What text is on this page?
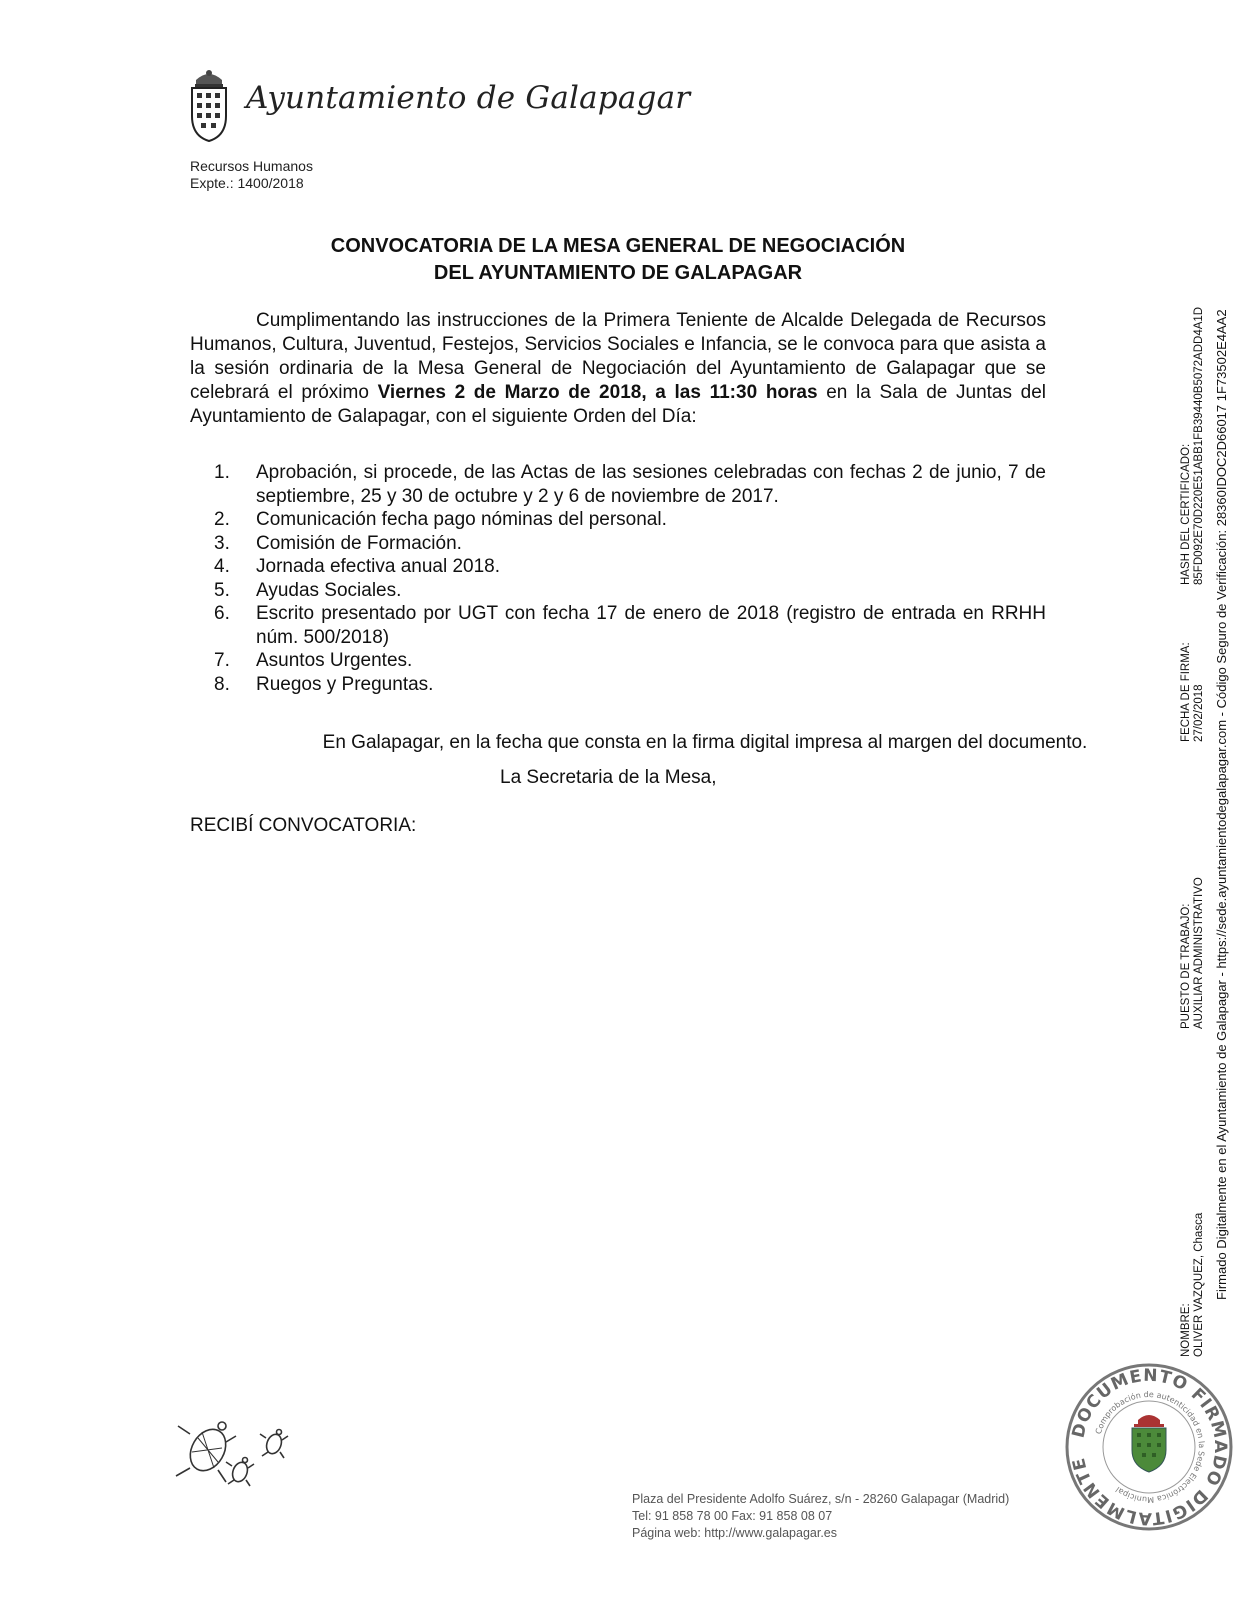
Ayuntamiento de Galapagar
Recursos Humanos
Expte.: 1400/2018
CONVOCATORIA DE LA MESA GENERAL DE NEGOCIACIÓN
DEL AYUNTAMIENTO DE GALAPAGAR

Cumplimentando las instrucciones de la Primera Teniente de Alcalde Delegada de Recursos Humanos, Cultura, Juventud, Festejos, Servicios Sociales e Infancia, se le convoca para que asista a la sesión ordinaria de la Mesa General de Negociación del Ayuntamiento de Galapagar que se celebrará el próximo Viernes 2 de Marzo de 2018, a las 11:30 horas en la Sala de Juntas del Ayuntamiento de Galapagar, con el siguiente Orden del Día:

1. Aprobación, si procede, de las Actas de las sesiones celebradas con fechas 2 de junio, 7 de septiembre, 25 y 30 de octubre y 2 y 6 de noviembre de 2017.
2. Comunicación fecha pago nóminas del personal.
3. Comisión de Formación.
4. Jornada efectiva anual 2018.
5. Ayudas Sociales.
6. Escrito presentado por UGT con fecha 17 de enero de 2018 (registro de entrada en RRHH núm. 500/2018)
7. Asuntos Urgentes.
8. Ruegos y Preguntas.
En Galapagar, en la fecha que consta en la firma digital impresa al margen del documento.
La Secretaria de la Mesa,
RECIBÍ CONVOCATORIA:
NOMBRE: OLIVER VAZQUEZ, Chasca
PUESTO DE TRABAJO: AUXILIAR ADMINISTRATIVO
FECHA DE FIRMA: 27/02/2018
HASH DEL CERTIFICADO: 85FD092E70D220E51ABB1FB39440B5072ADD4A1D Firmado Digitalmente en el Ayuntamiento de Galapagar - https://sede.ayuntamientodegalapagar.com - Código Seguro de Verificación: 28360IDOC2D66017 1F73502E4AA2
DOCUMENTO FIRMADO DIGITALMENTE
Comprobación de autenticidad en la Sede Electrónica Municipal
Plaza del Presidente Adolfo Suárez, s/n - 28260 Galapagar (Madrid)
Tel: 91 858 78 00 Fax: 91 858 08 07
Página web: http://www.galapagar.es
